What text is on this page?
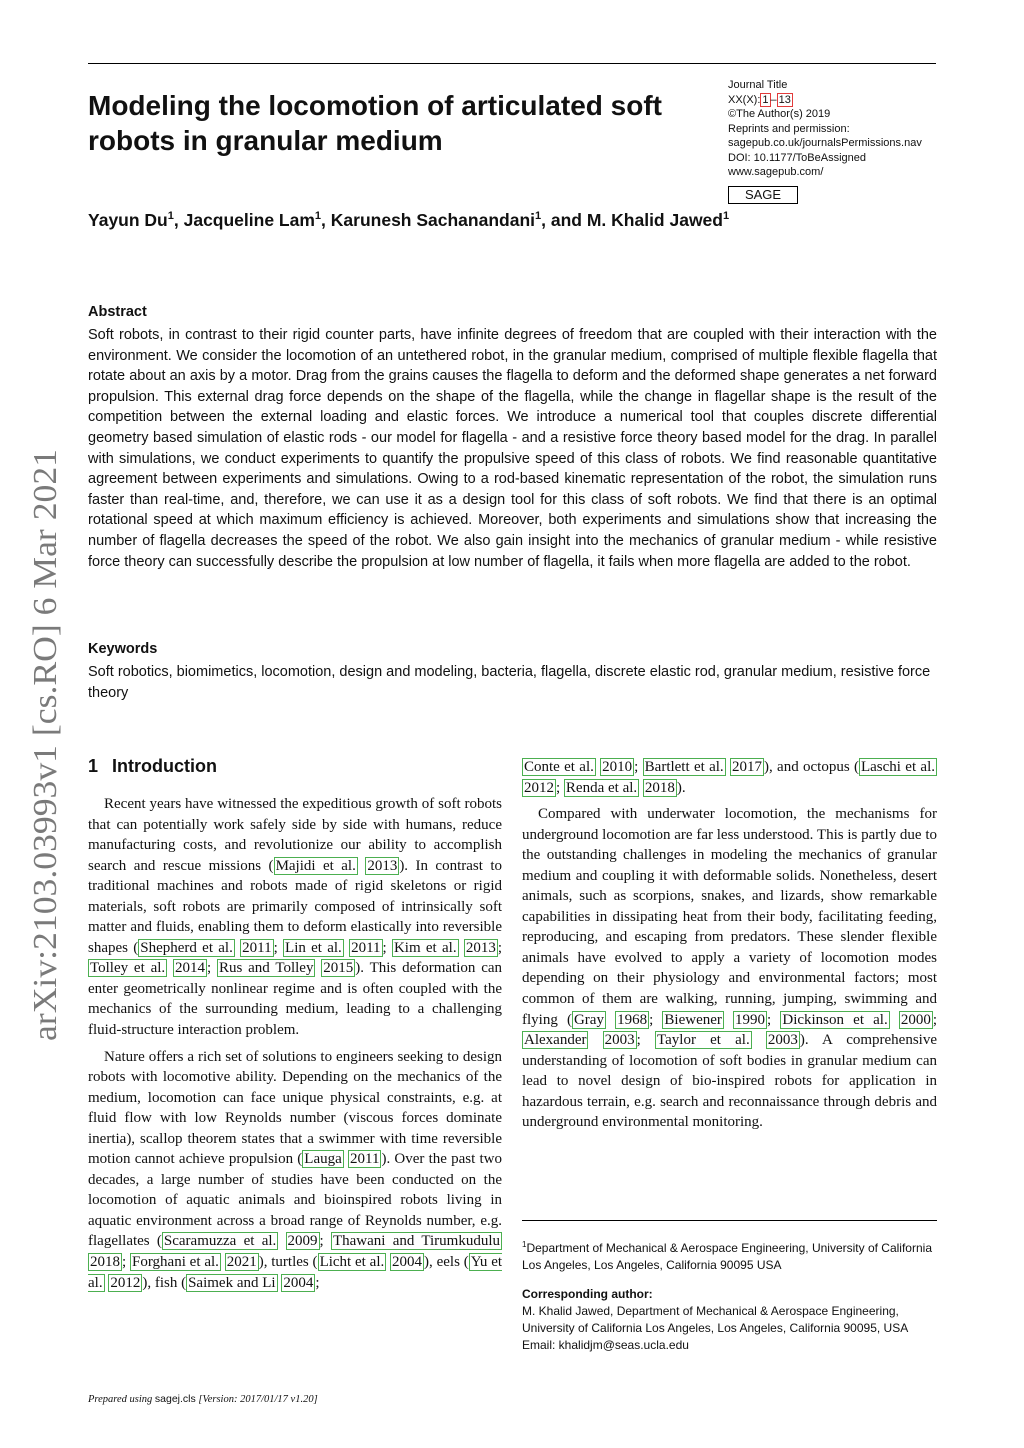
Modeling the locomotion of articulated soft robots in granular medium
Journal Title
XX(X): 1 – 13
©The Author(s) 2019
Reprints and permission:
sagepub.co.uk/journalsPermissions.nav
DOI: 10.1177/ToBeAssigned
www.sagepub.com/
SAGE
Yayun Du$^1$, Jacqueline Lam$^1$, Karunesh Sachanandani$^1$, and M. Khalid Jawed$^1$
arXiv:2103.03993v1 [cs.RO] 6 Mar 2021
Abstract

Soft robots, in contrast to their rigid counter parts, have infinite degrees of freedom that are coupled with their interaction with the environment. We consider the locomotion of an untethered robot, in the granular medium, comprised of multiple flexible flagella that rotate about an axis by a motor. Drag from the grains causes the flagella to deform and the deformed shape generates a net forward propulsion. This external drag force depends on the shape of the flagella, while the change in flagellar shape is the result of the competition between the external loading and elastic forces. We introduce a numerical tool that couples discrete differential geometry based simulation of elastic rods - our model for flagella - and a resistive force theory based model for the drag. In parallel with simulations, we conduct experiments to quantify the propulsive speed of this class of robots. We find reasonable quantitative agreement between experiments and simulations. Owing to a rod-based kinematic representation of the robot, the simulation runs faster than real-time, and, therefore, we can use it as a design tool for this class of soft robots. We find that there is an optimal rotational speed at which maximum efficiency is achieved. Moreover, both experiments and simulations show that increasing the number of flagella decreases the speed of the robot. We also gain insight into the mechanics of granular medium - while resistive force theory can successfully describe the propulsion at low number of flagella, it fails when more flagella are added to the robot.

Keywords

Soft robotics, biomimetics, locomotion, design and modeling, bacteria, flagella, discrete elastic rod, granular medium, resistive force theory

1 Introduction

Recent years have witnessed the expeditious growth of soft robots that can potentially work safely side by side with humans, reduce manufacturing costs, and revolutionize our ability to accomplish search and rescue missions ( Majidi et al. 2013 ). In contrast to traditional machines and robots made of rigid skeletons or rigid materials, soft robots are primarily composed of intrinsically soft matter and fluids, enabling them to deform elastically into reversible shapes ( Shepherd et al. 2011 ; Lin et al. 2011 ; Kim et al. 2013 ; Tolley et al. 2014 ; Rus and Tolley 2015 ). This deformation can enter geometrically nonlinear regime and is often coupled with the mechanics of the surrounding medium, leading to a challenging fluid-structure interaction problem.

Nature offers a rich set of solutions to engineers seeking to design robots with locomotive ability. Depending on the mechanics of the medium, locomotion can face unique physical constraints, e.g. at fluid flow with low Reynolds number (viscous forces dominate inertia), scallop theorem states that a swimmer with time reversible motion cannot achieve propulsion ( Lauga 2011 ). Over the past two decades, a large number of studies have been conducted on the locomotion of aquatic animals and bioinspired robots living in aquatic environment across a broad range of Reynolds number, e.g. flagellates ( Scaramuzza et al. 2009 ; Thawani and Tirumkudulu 2018 ; Forghani et al. 2021 ), turtles ( Licht et al. 2004 ), eels ( Yu et al. 2012 ), fish ( Saimek and Li 2004 ;

Conte et al. 2010 ; Bartlett et al. 2017 ), and octopus ( Laschi et al. 2012 ; Renda et al. 2018 ).

Compared with underwater locomotion, the mechanisms for underground locomotion are far less understood. This is partly due to the outstanding challenges in modeling the mechanics of granular medium and coupling it with deformable solids. Nonetheless, desert animals, such as scorpions, snakes, and lizards, show remarkable capabilities in dissipating heat from their body, facilitating feeding, reproducing, and escaping from predators. These slender flexible animals have evolved to apply a variety of locomotion modes depending on their physiology and environmental factors; most common of them are walking, running, jumping, swimming and flying ( Gray 1968 ; Biewener 1990 ; Dickinson et al. 2000 ; Alexander 2003 ; Taylor et al. 2003 ). A comprehensive understanding of locomotion of soft bodies in granular medium can lead to novel design of bio-inspired robots for application in hazardous terrain, e.g. search and reconnaissance through debris and underground environmental monitoring.

$^1$Department of Mechanical & Aerospace Engineering, University of California Los Angeles, Los Angeles, California 90095 USA

Corresponding author:

M. Khalid Jawed, Department of Mechanical & Aerospace Engineering, University of California Los Angeles, Los Angeles, California 90095, USA

Email: khalidjm@seas.ucla.edu

Prepared using sagej.cls [Version: 2017/01/17 v1.20]
